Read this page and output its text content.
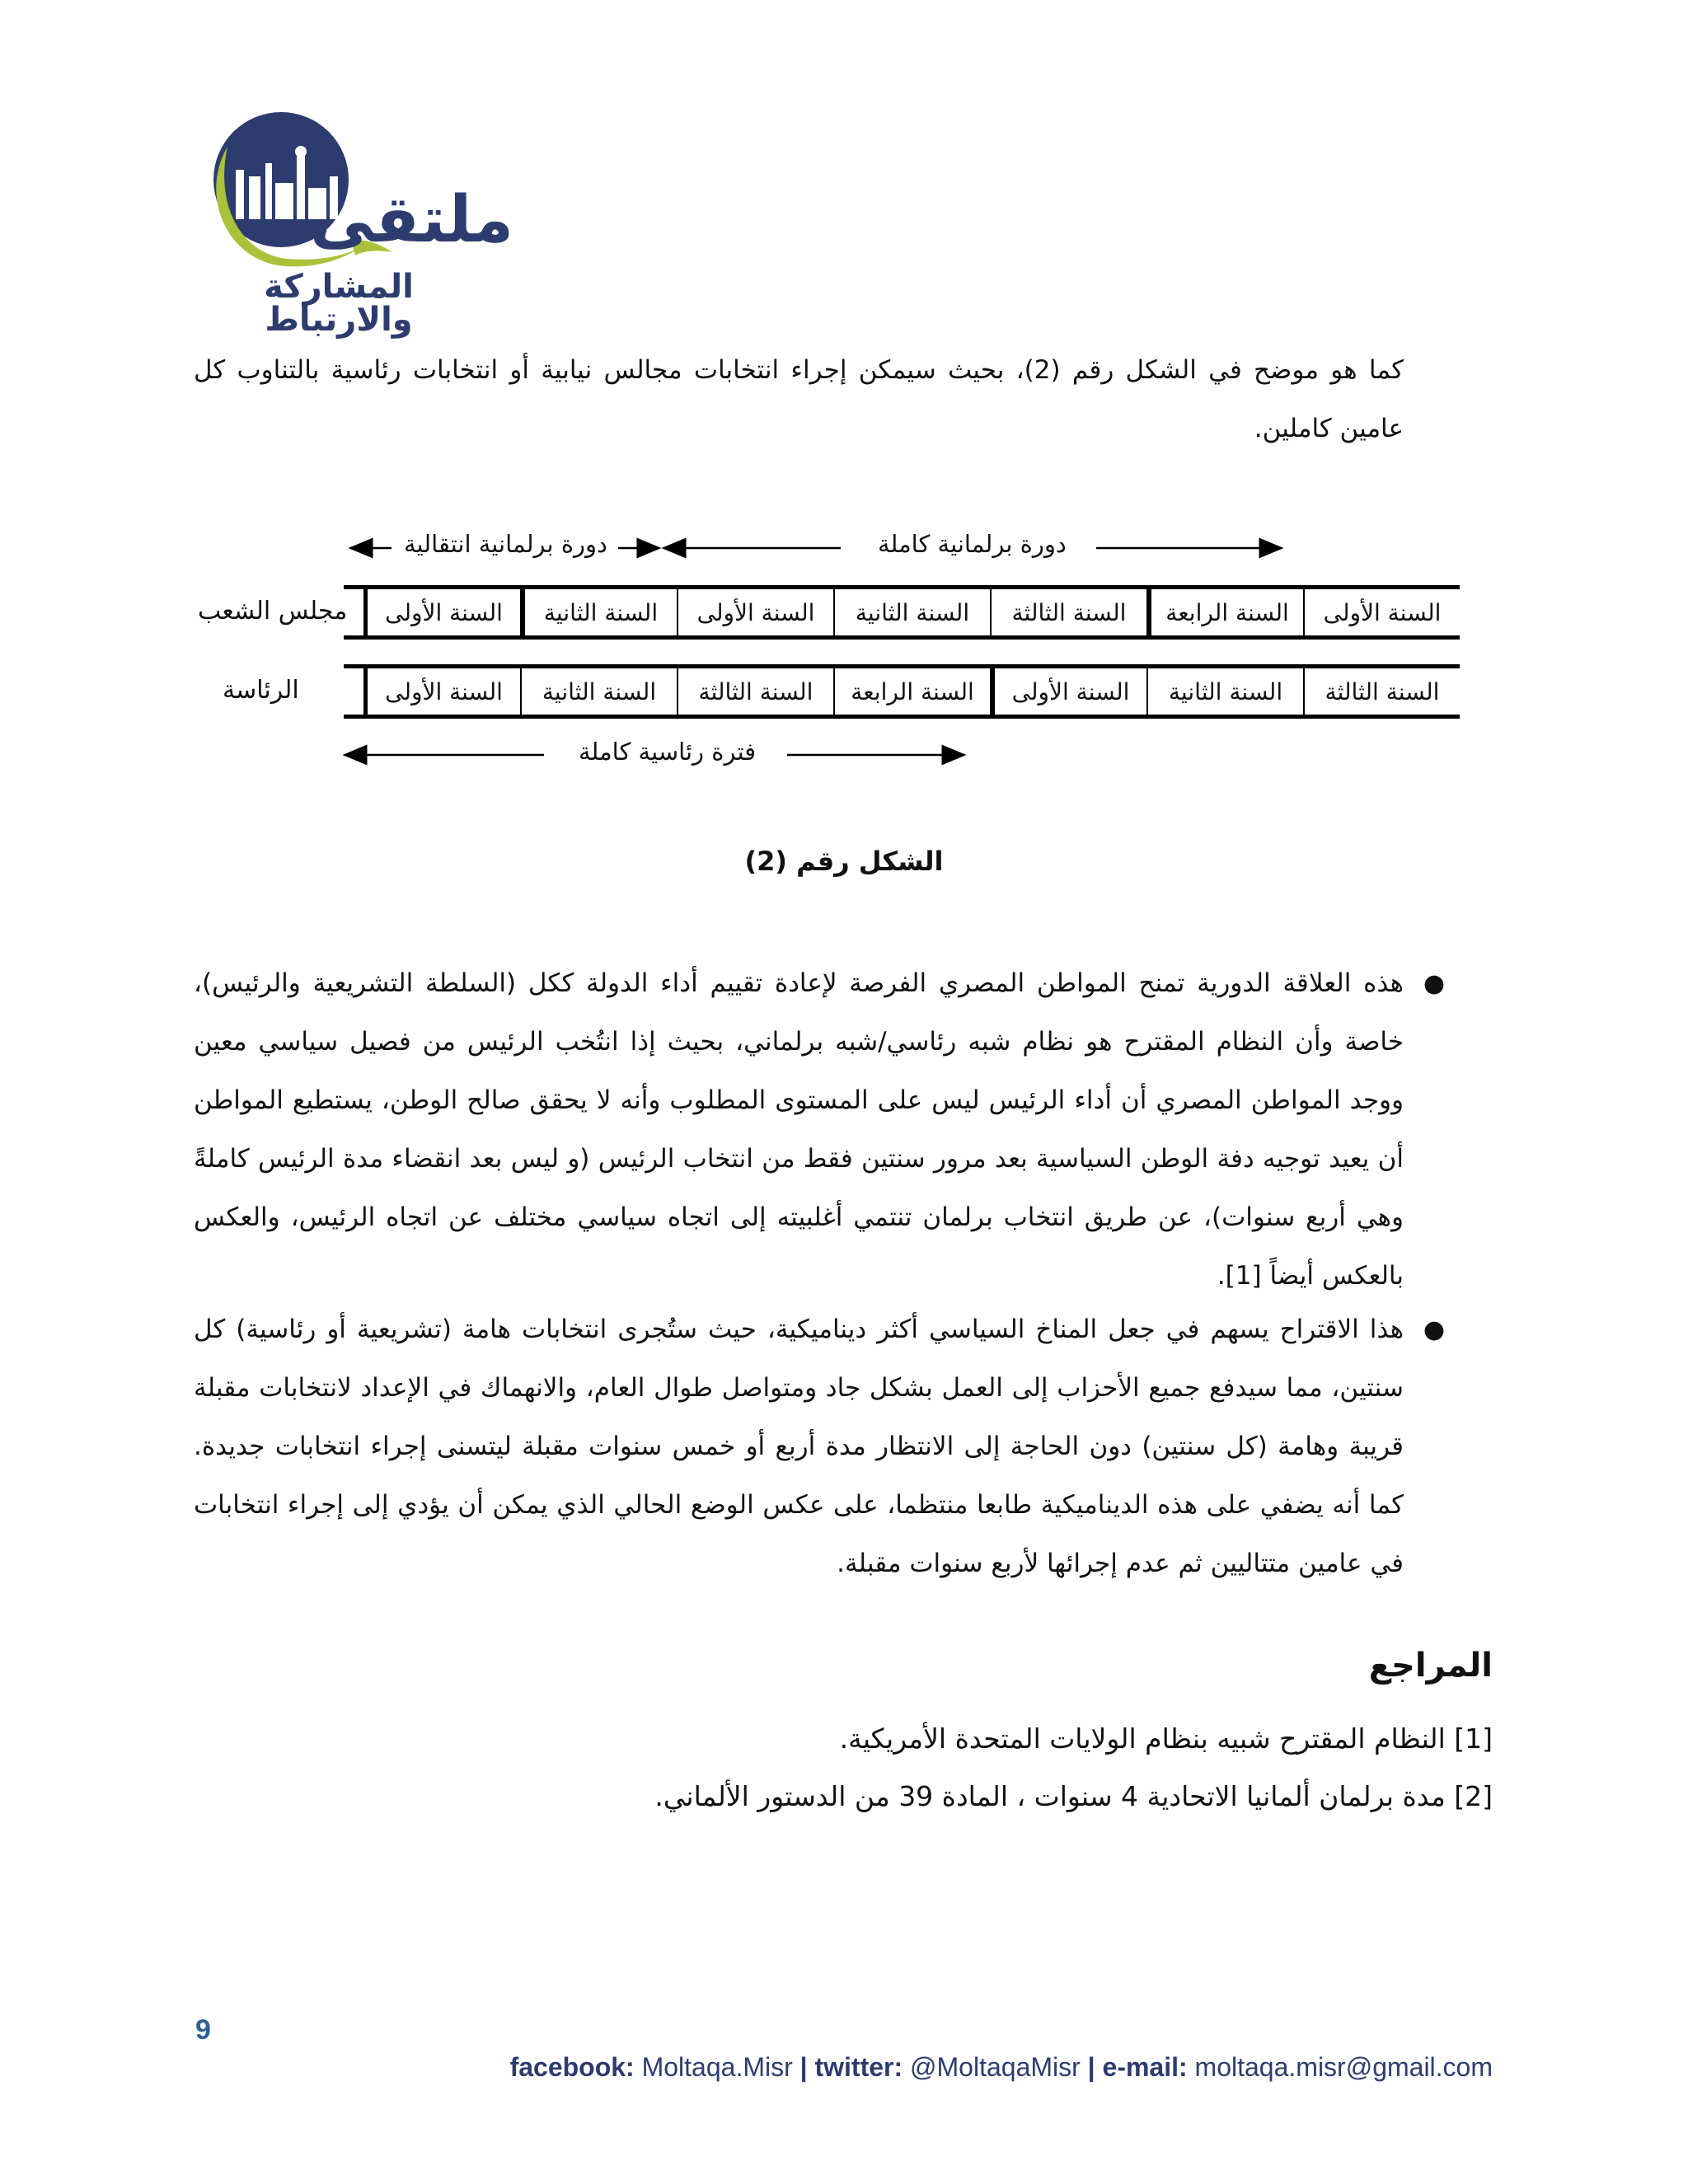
ملتقى
المشاركة والارتباط
كما هو موضح في الشكل رقم (2)، بحيث سيمكن إجراء انتخابات مجالس نيابية أو انتخابات رئاسية بالتناوب كل عامين كاملين.
دورة برلمانية انتقالية	دورة برلمانية كاملة
فترة رئاسية كاملة
مجلس الشعب
الرئاسة
السنة الأولى
السنة الرابعة
السنة الثالثة
السنة الثانية
السنة الأولى
السنة الثانية
السنة الأولى
السنة الثالثة
السنة الثانية
السنة الأولى
السنة الرابعة
السنة الثالثة
السنة الثانية
السنة الأولى
الشكل رقم (2)
●
هذه العلاقة الدورية تمنح المواطن المصري الفرصة لإعادة تقييم أداء الدولة ككل (السلطة التشريعية والرئيس)، خاصة وأن النظام المقترح هو نظام شبه رئاسي/شبه برلماني، بحيث إذا انتُخب الرئيس من فصيل سياسي معين ووجد المواطن المصري أن أداء الرئيس ليس على المستوى المطلوب وأنه لا يحقق صالح الوطن، يستطيع المواطن أن يعيد توجيه دفة الوطن السياسية بعد مرور سنتين فقط من انتخاب الرئيس (و ليس بعد انقضاء مدة الرئيس كاملةً وهي أربع سنوات)، عن طريق انتخاب برلمان تنتمي أغلبيته إلى اتجاه سياسي مختلف عن اتجاه الرئيس، والعكس بالعكس أيضاً [1].
●
هذا الاقتراح يسهم في جعل المناخ السياسي أكثر ديناميكية، حيث ستُجرى انتخابات هامة (تشريعية أو رئاسية) كل سنتين، مما سيدفع جميع الأحزاب إلى العمل بشكل جاد ومتواصل طوال العام، والانهماك في الإعداد لانتخابات مقبلة قريبة وهامة (كل سنتين) دون الحاجة إلى الانتظار مدة أربع أو خمس سنوات مقبلة ليتسنى إجراء انتخابات جديدة. كما أنه يضفي على هذه الديناميكية طابعا منتظما، على عكس الوضع الحالي الذي يمكن أن يؤدي إلى إجراء انتخابات في عامين متتاليين ثم عدم إجرائها لأربع سنوات مقبلة.
المراجع
[1] النظام المقترح شبيه بنظام الولايات المتحدة الأمريكية.
[2] مدة برلمان ألمانيا الاتحادية 4 سنوات ، المادة 39 من الدستور الألماني.
9
facebook: Moltaqa.Misr | twitter: @MoltaqaMisr | e-mail: moltaqa.misr@gmail.com
